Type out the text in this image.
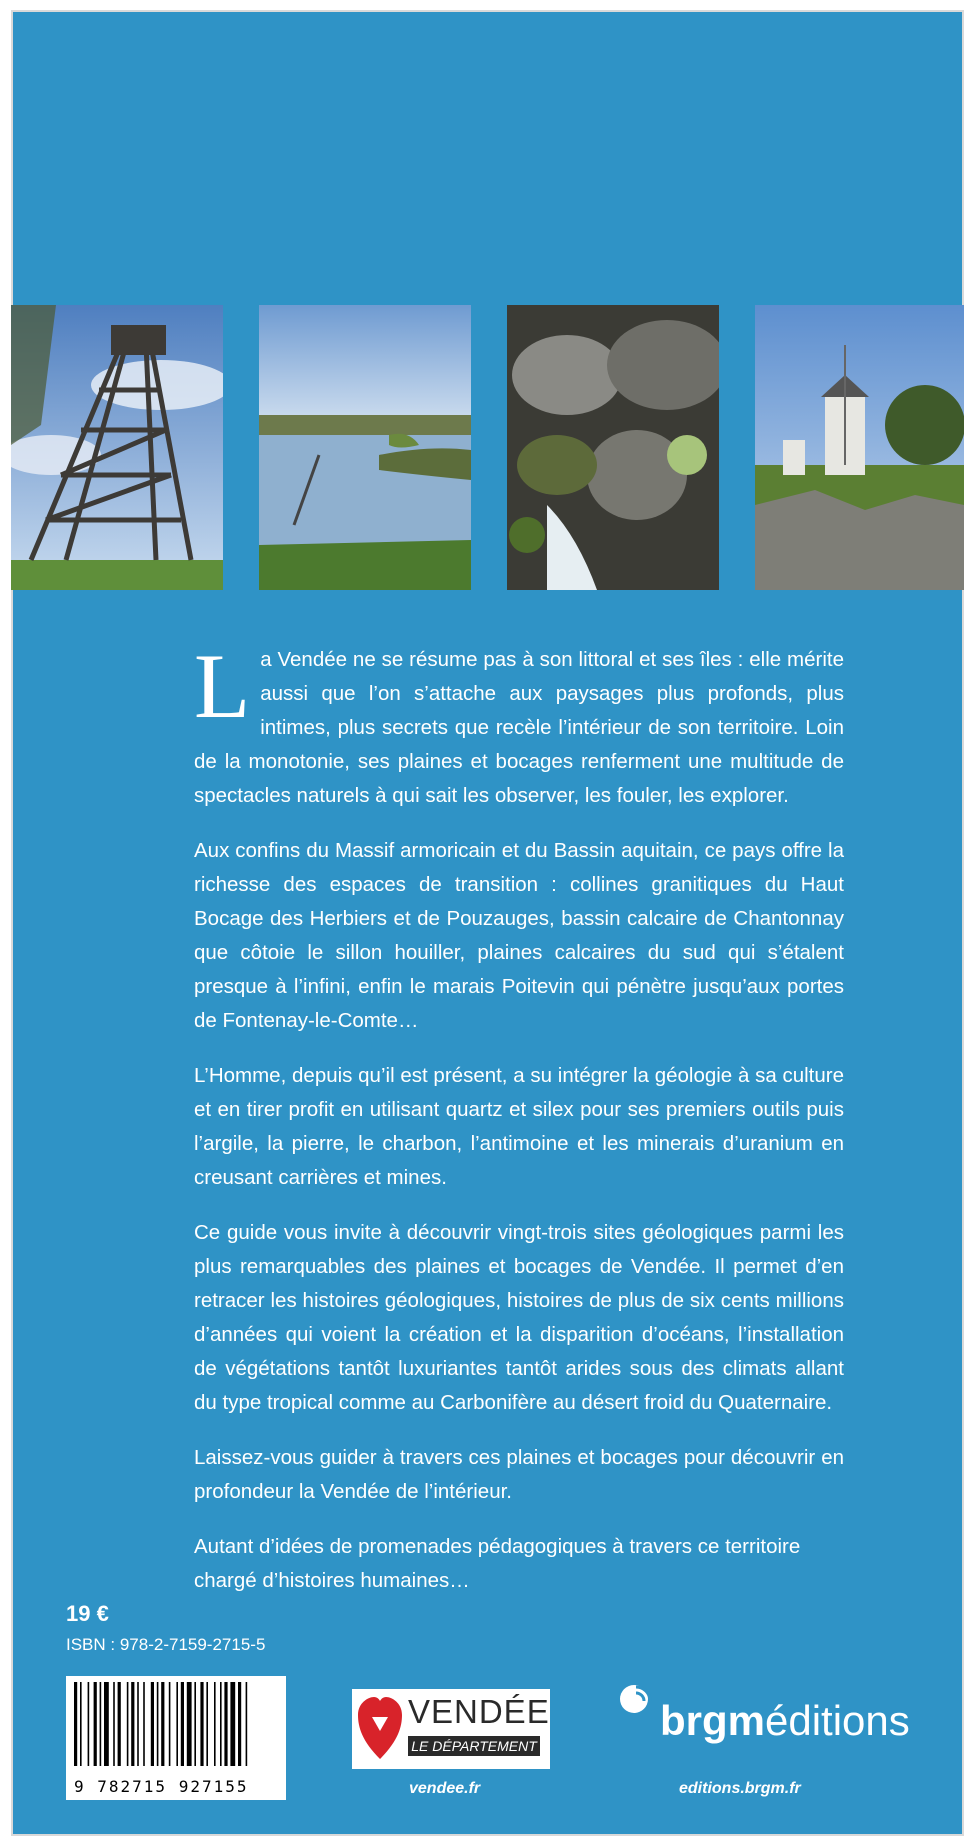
La Vendée ne se résume pas à son littoral et ses îles : elle mérite aussi que l’on s’attache aux paysages plus profonds, plus intimes, plus secrets que recèle l’intérieur de son territoire. Loin de la monotonie, ses plaines et bocages renferment une multitude de spectacles naturels à qui sait les observer, les fouler, les explorer.

Aux confins du Massif armoricain et du Bassin aquitain, ce pays offre la richesse des espaces de transition : collines granitiques du Haut Bocage des Herbiers et de Pouzauges, bassin calcaire de Chantonnay que côtoie le sillon houiller, plaines calcaires du sud qui s’étalent presque à l’infini, enfin le marais Poitevin qui pénètre jusqu’aux portes de Fontenay-le-Comte…

L’Homme, depuis qu’il est présent, a su intégrer la géologie à sa culture et en tirer profit en utilisant quartz et silex pour ses premiers outils puis l’argile, la pierre, le charbon, l’antimoine et les minerais d’uranium en creusant carrières et mines.

Ce guide vous invite à découvrir vingt-trois sites géologiques parmi les plus remarquables des plaines et bocages de Vendée. Il permet d’en retracer les histoires géologiques, histoires de plus de six cents millions d’années qui voient la création et la disparition d’océans, l’installation de végétations tantôt luxuriantes tantôt arides sous des climats allant du type tropical comme au Carbonifère au désert froid du Quaternaire.

Laissez-vous guider à travers ces plaines et bocages pour découvrir en profondeur la Vendée de l’intérieur.

Autant d’idées de promenades pédagogiques à travers ce territoire chargé d’histoires humaines…

19 €
ISBN : 978-2-7159-2715-5
9 782715 927155
VENDÉE
LE DÉPARTEMENT
vendee.fr
brgméditions
editions.brgm.fr
